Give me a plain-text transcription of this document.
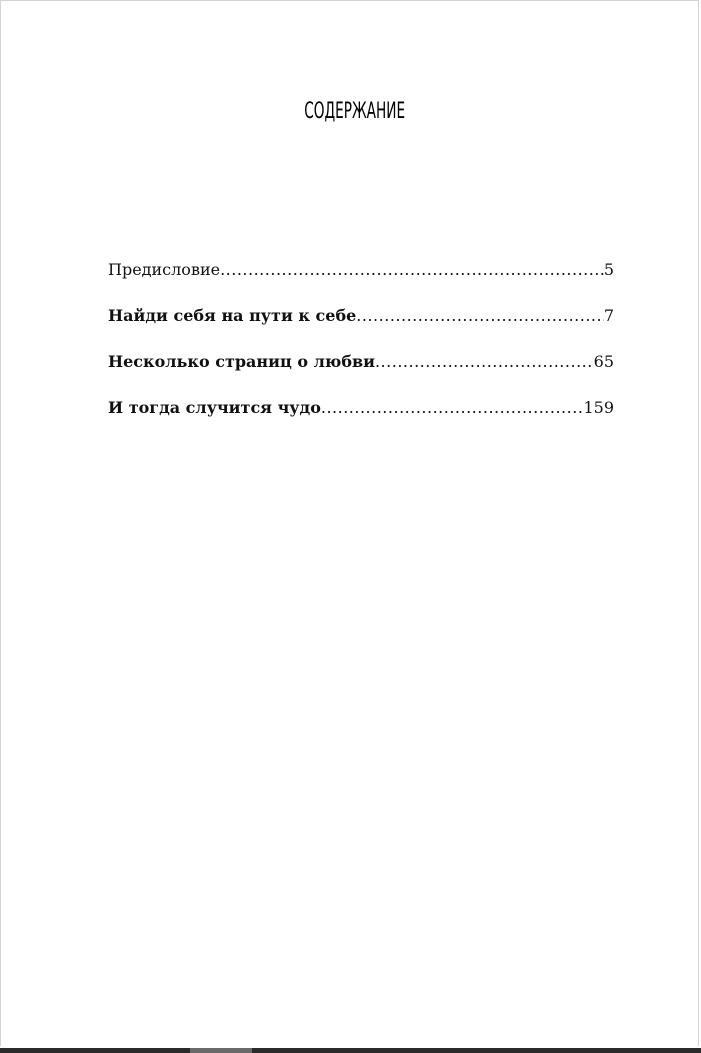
СОДЕРЖАНИЕ
Предисловие .....	5
Найди себя на пути к себе .....	7
Несколько страниц о любви .....	65
И тогда случится чудо .....	159
